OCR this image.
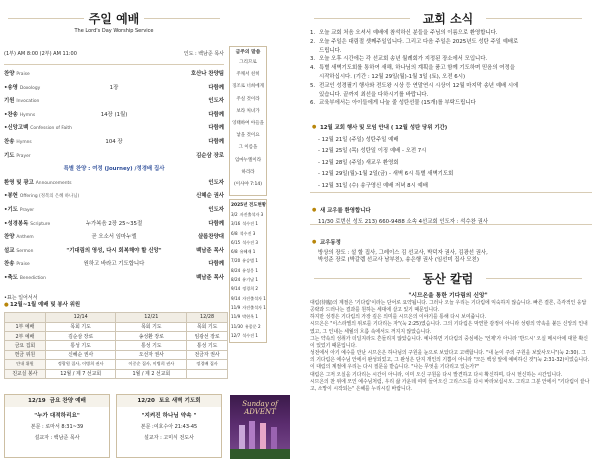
주일 예배
The Lord's Day Worship Service
(1부) AM 8:00 (2부) AM 11:00	인도 : 백남준 목사
찬양 Praise	호산나 찬양팀
•송영 Doxology	1장	다함께
기원 Invocation	인도자
•찬송 Hymns	14장 (1월)	다함께
•신앙고백 Confession of Faith	다함께
찬송 Hymns	104 장	다함께
기도 Prayer	김순삼 장로
특별 찬양 : 여정 (Journey) /정경배 집사
환영 및 광고 Announcements	인도자
•봉헌 Offering (정복의 은혜 하나님)	신혜순 권사
•기도 Prayer	인도자
•성경봉독 Scripture	누가복음 2장 25~35절	다함께
찬양 Anthem	곧 오소서 임마누엘	샬롬찬양대
설교 Sermon	"기대림의 영성, 다시 회복해야 할 신앙"	백남준 목사
찬송 Praise	원하고 바라고 기도합니다	다함께
•축도 Benediction	백남준 목사
•표는 일어서서
금주의 말씀
그리므로
주께서 친히
징조로 너희에게
주실 것이라
보라 처녀가
잉태하여 아들을
낳을 것이요
그 이름을
임마누엘이라
하리라
(이사야 7:14)
2025년 전도현황
3/2 자진출석자 3
3/16 석수진 1
6/8 석수진 3
6/15 석수진 3
6/8 유혜재 1
7/20 유승범 1
8/24 유성웅 1
8/24 유기남 1
9/14 정경희 2
9/14 자진출석자 1
11/9 자진출석자 1
11/9 박현옥 1
11/30 유종문 2
12/7 석수진 1
● 12월~1월 예배 및 봉사 위원
	12/14	12/21	12/28
1부 예배	목회 기도	목회 기도	목회 기도
2부 예배	김순삼 장로	송성환 장로	임광선 장로
금요 집회	통성 기도	통성 기도	통성 기도
헌금 위원	신혜순 권사	오선자 권사	전금자 권사
안내 위원	정광원 집사, 이병희 권사	이중순 집사, 이병희 권사	정경배 집사
친교실 봉사	12월 / 제 7 선교회	1월 / 제 2 선교회	
12/19 금요 찬양 예배
"누가 대적하리요"
본문 : 로마서 8:31~39
설교자 : 백남준 목사
12/20 토요 새벽 기도회
"지켜진 하나님 약속 "
본문 :여호수아 21:43-45
설교자 : 고미식 전도사
Sunday of ADVENT
교회 소식
1. 오늘 교회 처음 오셔서 예배에 참석하신 분들을 주님의 이름으로 환영합니다.
2. 오늘 주일은 대림절 셋째주일입니다. 그리고 다음 주일은 2025년도 성탄 주일 예배로
드립니다.
3. 오늘 오후 시간에는 각 선교회 송년 월례회가 지정된 장소에서 모입니다.
4. 특별 새벽기도회를 통하여 새해, 하나님의 계획을 품고 함께 기도하며 믿음의 여정을
시작하십시다. (기간 : 12월 29일(월)-1월 3일 (토), 오전 6시)
5. 전교인 성경필기 행사와 전도왕 시상 등 연말연시 시상이 12월 마지막 송년 예배 시에
있습니다. 끝까지 최선을 다하시기를 바랍니다.
6. 교육부에서는 아이들에게 나눌 줄 성탄선물 (15개)를 부탁드립니다
● 12월 교회 행사 및 모임 안내 ( 12월 성탄 당위 기간)
- 12월 21일 (주일) 성탄주일 예배
- 12월 25일 (목) 성탄일 이징 예배 - 오전 7시
- 12월 28일 (주일) 새교우 환영회
- 12월 29일(월)-1월 2일(금) - 새벽 6시 특별 새벽기도회
- 12월 31일 (수) 송구영신 예배 저녁 8시 예배
● 새 교우를 환영합니다
11/30 로번신 성도 213) 660-9488 소속 4선교회 인도자 : 석수찬 권사
● 교우동정
방상의 장도 : 설 할 집사, 그레이스 김 선교사, 박덕자 권사, 김광선 권사,
박성준 장로 (박갈렙 선교사 남부친), 송은행 권사 (임선미 집사 모친)
동산 칼럼
"시므온을 통한 기다림의 신앙"

대림(待臨)의 계절은 '기다림'이라는 단어로 요약됩니다. 그러나 오늘 우리는 기다림에 익숙하지 않습니다. 빠른 결론, 즉각적인 응답 공략과 드러나는 결과를 원하는 세대에 살고 있기 때문입니다.

하지만 성경은 기다림의 가장 깊은 의미를 시므온의 이야기를 통해 다시 보여줍니다.

시므온은 "이스라엘의 위로를 기다리는 자"(눅 2:25)였습니다. 그의 기다림은 막연한 감정이 아니라 성령의 약속을 붙든 신앙의 인내였고, 그 인내는 세월의 흐름 속에서도 꺼지지 않았습니다.

그는 약속의 성취가 더딜지라도 흔들리지 않았습니다. 예나하면 기다림의 중심에는 '언제'가 아니라 '반드시' 오실 메시아에 대한 확신이 있었기 때문입니다.

성전에서 아기 예수를 만난 시므온은 하나님의 구원을 눈으로 보았다고 고백합니다. "내 눈이 주의 구원을 보았사오니"(눅 2:30). 그의 기다림은 에수님 안에서 완성되었고, 그 완성은 단지 개인의 기쁨이 아니라 "모든 백성 앞에 예비하신 것"(눅 2:31-32)이었습니다.

이 대림의 계절에 우리는 다시 질문을 받습니다. "나는 무엇을 기다리고 있는가?"

대림은 그저 오실을 기다리는 시간이 아니라, 이미 오신 구원을 다시 발견하고 다시 확신하며, 다시 헌신하는 시간입니다.

시므온의 찬 위에 모인 예수님처럼, 우리 삶 가운데 여미 들어오신 그리스도를 다시 바라보십시오. 그리고 그분 안에서 "기다림이 끝나고, 소망이 시작되는" 은혜를 누리시길 바랍니다.
